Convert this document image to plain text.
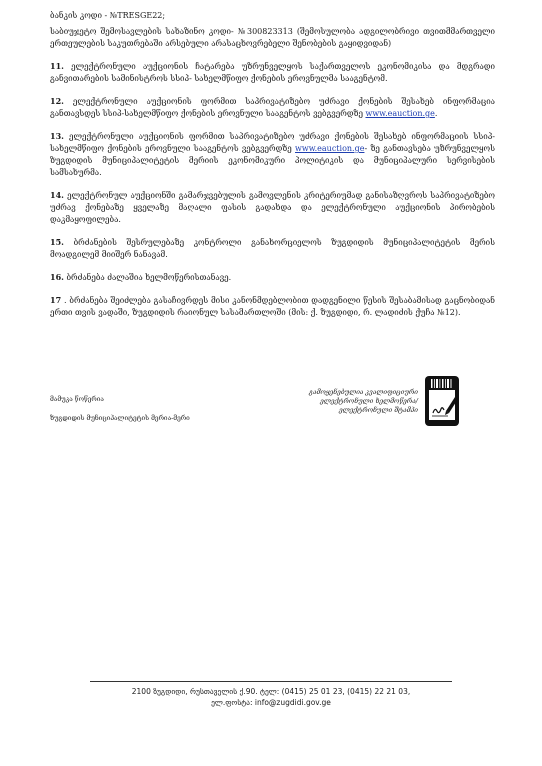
ბანკის კოდი - №TRESGE22;

საბიუჯეტო შემოსავლების სახაზინო კოდი- №300823313 (შემოსულობა ადგილობრივი თვითმმართველი ერთეულების საკუთრებაში არსებული არასაცხოვრებელი შენობების გაყიდვიდან)

11. ელექტრონული აუქციონის ჩატარება უზრუნველყოს საქართველოს ეკონომიკისა და მდგრადი განვითარების სამინისტროს სსიპ- სახელმწიფო ქონების ეროვნულმა სააგენტომ.

12. ელექტრონული აუქციონის ფორმით საპრივატიზებო უძრავი ქონების შესახებ ინფორმაცია განთავსდეს სსიპ-სახელმწიფო ქონების ეროვნული სააგენტოს ვებგვერდზე www.eauction.ge.

13. ელექტრონული აუქციონის ფორმით საპრივატიზებო უძრავი ქონების შესახებ ინფორმაციის სსიპ-სახელმწიფო ქონების ეროვნული სააგენტოს ვებგვერდზე www.eauction.ge- ზე განთავსება უზრუნველყოს ზუგდიდის მუნიციპალიტეტის მერიის ეკონომიკური პოლიტიკის და მუნიციპალური სერვისების სამსახურმა.

14. ელექტრონულ აუქციონში გამარჯვებულის გამოვლენის კრიტერიუმად განისაზღვროს საპრივატიზებო უძრავ ქონებაზე ყველაზე მაღალი ფასის გადახდა და ელექტრონული აუქციონის პირობების დაკმაყოფილება.

15. ბრძანების შესრულებაზე კონტროლი განახორციელოს ზუგდიდის მუნიციპალიტეტის მერის მოადგილემ მიიშერ ნანავამ.

16. ბრძანება ძალაშია ხელმოწერისთანავე.

17 . ბრძანება შეიძლება გასაჩივრდეს მისი კანონმდებლობით დადგენილი წესის შესაბამისად გაცნობიდან ერთი თვის ვადაში, ზუგდიდის რაიონულ სასამართლოში (მის: ქ. ზუგდიდი, რ. ლადიძის ქუჩა №12).

მამუკა წოწერია
ზუგდიდის მუნიციპალიტეტის მერია-მერი
გამოყენებულია კვალიფიციური
ელექტრონული ხელმოწერა/
ელექტრონული შტამპი
2100 ზუგდიდი, რუსთაველის ქ.90. ტელ: (0415) 25 01 23, (0415) 22 21 03,
ელ.ფოსტა: info@zugdidi.gov.ge
